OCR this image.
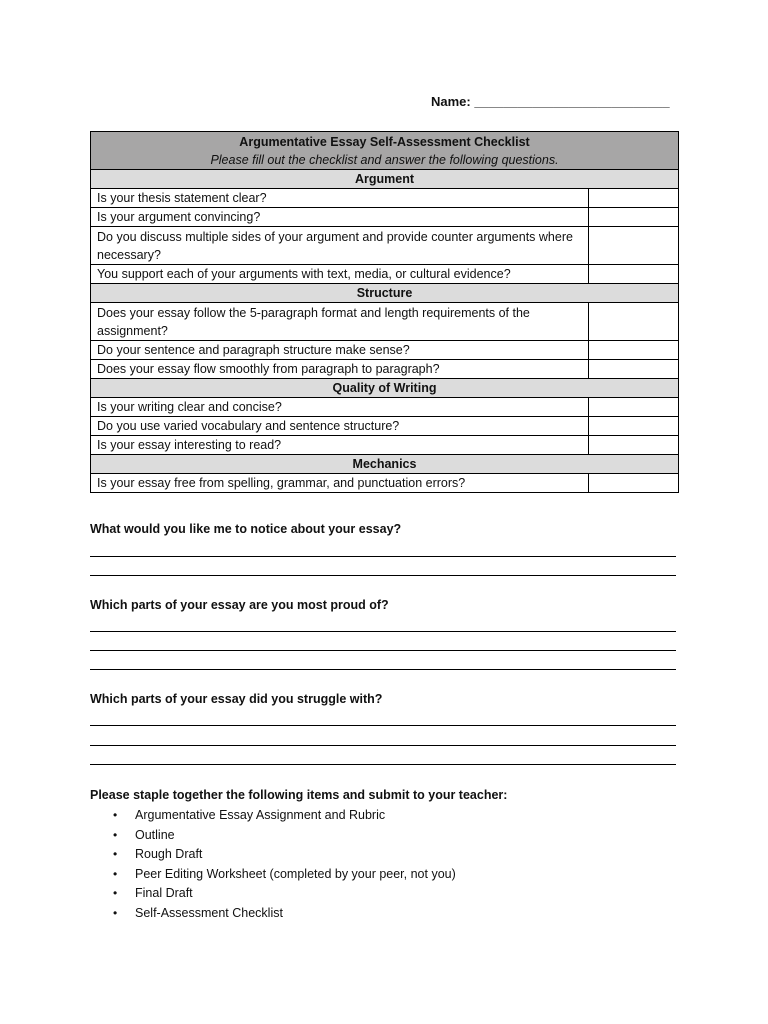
Name: ___________________________
Argumentative Essay Self-Assessment Checklist
Please fill out the checklist and answer the following questions.	

Argument	
Is your thesis statement clear?	
Is your argument convincing?	
Do you discuss multiple sides of your argument and provide counter arguments where necessary?	
You support each of your arguments with text, media, or cultural evidence?	
Structure	
Does your essay follow the 5-paragraph format and length requirements of the assignment?	
Do your sentence and paragraph structure make sense?	
Does your essay flow smoothly from paragraph to paragraph?	
Quality of Writing	
Is your writing clear and concise?	
Do you use varied vocabulary and sentence structure?	
Is your essay interesting to read?	
Mechanics	
Is your essay free from spelling, grammar, and punctuation errors?	
What would you like me to notice about your essay?
Which parts of your essay are you most proud of?
Which parts of your essay did you struggle with?
Please staple together the following items and submit to your teacher:
• Argumentative Essay Assignment and Rubric
• Outline
• Rough Draft
• Peer Editing Worksheet (completed by your peer, not you)
• Final Draft
• Self-Assessment Checklist
